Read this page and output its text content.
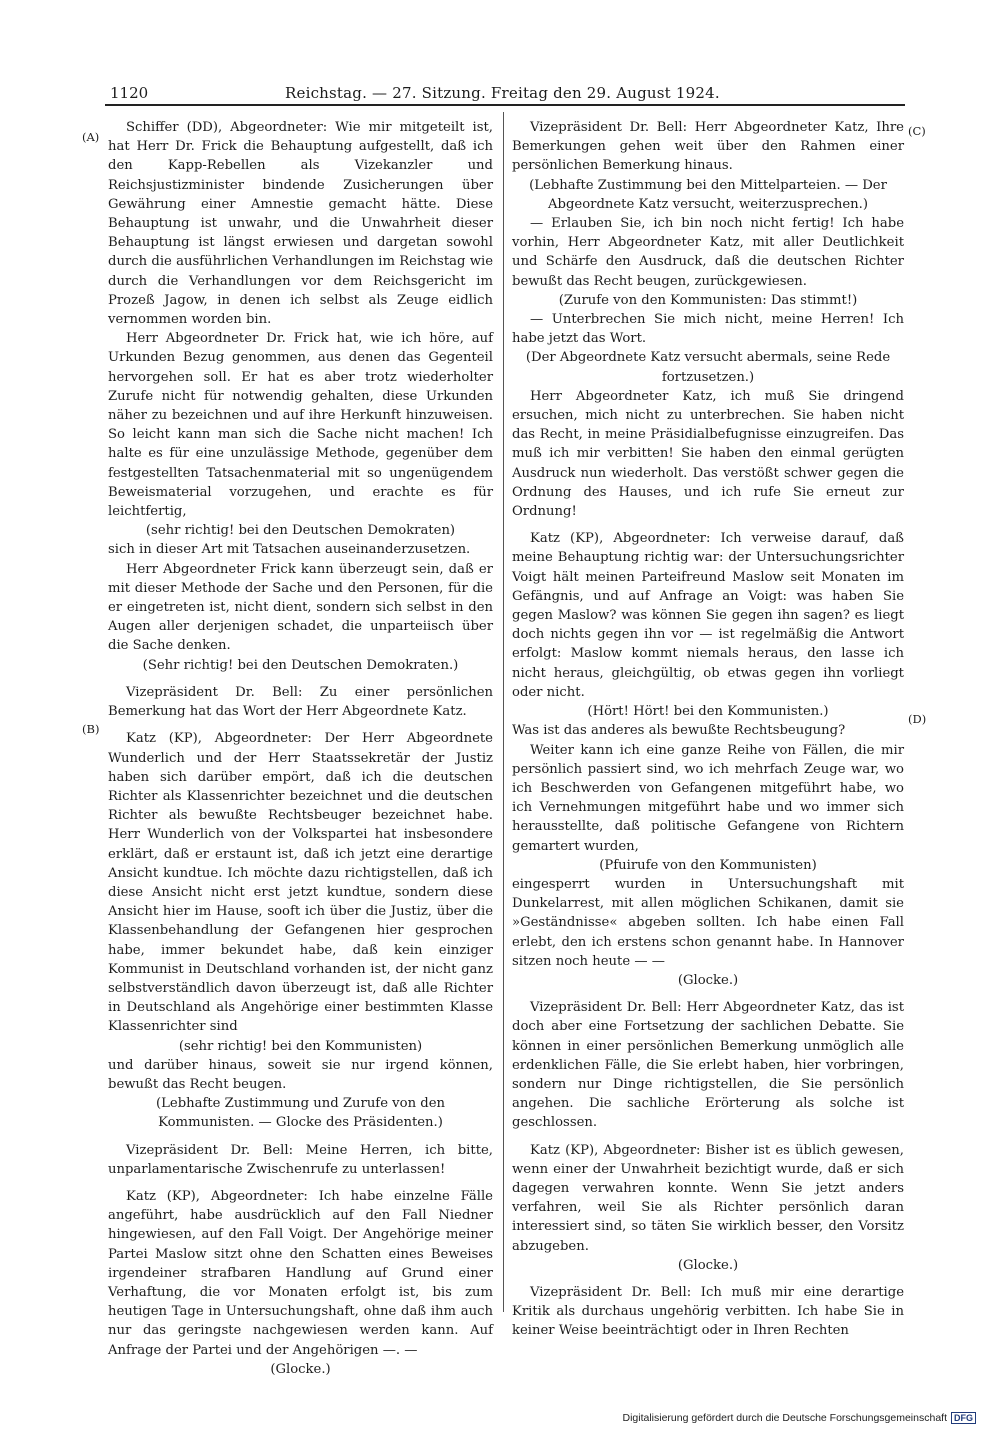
1120	Reichstag. — 27. Sitzung. Freitag den 29. August 1924.
(A)
(B)
(C)
(D)

Schiffer (DD), Abgeordneter: Wie mir mitgeteilt ist, hat Herr Dr. Frick die Behauptung aufgestellt, daß ich den Kapp-Rebellen als Vizekanzler und Reichsjustizminister bindende Zusicherungen über Gewährung einer Amnestie gemacht hätte. Diese Behauptung ist unwahr, und die Unwahrheit dieser Behauptung ist längst erwiesen und dargetan sowohl durch die ausführlichen Verhandlungen im Reichstag wie durch die Verhandlungen vor dem Reichsgericht im Prozeß Jagow, in denen ich selbst als Zeuge eidlich vernommen worden bin.

Herr Abgeordneter Dr. Frick hat, wie ich höre, auf Urkunden Bezug genommen, aus denen das Gegenteil hervorgehen soll. Er hat es aber trotz wiederholter Zurufe nicht für notwendig gehalten, diese Urkunden näher zu bezeichnen und auf ihre Herkunft hinzuweisen. So leicht kann man sich die Sache nicht machen! Ich halte es für eine unzulässige Methode, gegenüber dem festgestellten Tatsachenmaterial mit so ungenügendem Beweismaterial vorzugehen, und erachte es für leichtfertig,

(sehr richtig! bei den Deutschen Demokraten)

sich in dieser Art mit Tatsachen auseinanderzusetzen.

Herr Abgeordneter Frick kann überzeugt sein, daß er mit dieser Methode der Sache und den Personen, für die er eingetreten ist, nicht dient, sondern sich selbst in den Augen aller derjenigen schadet, die unparteiisch über die Sache denken.

(Sehr richtig! bei den Deutschen Demokraten.)

Vizepräsident Dr. Bell: Zu einer persönlichen Bemerkung hat das Wort der Herr Abgeordnete Katz.

Katz (KP), Abgeordneter: Der Herr Abgeordnete Wunderlich und der Herr Staatssekretär der Justiz haben sich darüber empört, daß ich die deutschen Richter als Klassenrichter bezeichnet und die deutschen Richter als bewußte Rechtsbeuger bezeichnet habe. Herr Wunderlich von der Volkspartei hat insbesondere erklärt, daß er erstaunt ist, daß ich jetzt eine derartige Ansicht kundtue. Ich möchte dazu richtigstellen, daß ich diese Ansicht nicht erst jetzt kundtue, sondern diese Ansicht hier im Hause, sooft ich über die Justiz, über die Klassenbehandlung der Gefangenen hier gesprochen habe, immer bekundet habe, daß kein einziger Kommunist in Deutschland vorhanden ist, der nicht ganz selbstverständlich davon überzeugt ist, daß alle Richter in Deutschland als Angehörige einer bestimmten Klasse Klassenrichter sind

(sehr richtig! bei den Kommunisten)

und darüber hinaus, soweit sie nur irgend können, bewußt das Recht beugen.

(Lebhafte Zustimmung und Zurufe von den Kommunisten. — Glocke des Präsidenten.)

Vizepräsident Dr. Bell: Meine Herren, ich bitte, unparlamentarische Zwischenrufe zu unterlassen!

Katz (KP), Abgeordneter: Ich habe einzelne Fälle angeführt, habe ausdrücklich auf den Fall Niedner hingewiesen, auf den Fall Voigt. Der Angehörige meiner Partei Maslow sitzt ohne den Schatten eines Beweises irgendeiner strafbaren Handlung auf Grund einer Verhaftung, die vor Monaten erfolgt ist, bis zum heutigen Tage in Untersuchungshaft, ohne daß ihm auch nur das geringste nachgewiesen werden kann. Auf Anfrage der Partei und der Angehörigen —. —

(Glocke.)

Vizepräsident Dr. Bell: Herr Abgeordneter Katz, Ihre Bemerkungen gehen weit über den Rahmen einer persönlichen Bemerkung hinaus.

(Lebhafte Zustimmung bei den Mittelparteien. — Der Abgeordnete Katz versucht, weiterzusprechen.)

— Erlauben Sie, ich bin noch nicht fertig! Ich habe vorhin, Herr Abgeordneter Katz, mit aller Deutlichkeit und Schärfe den Ausdruck, daß die deutschen Richter bewußt das Recht beugen, zurückgewiesen.

(Zurufe von den Kommunisten: Das stimmt!)

— Unterbrechen Sie mich nicht, meine Herren! Ich habe jetzt das Wort.

(Der Abgeordnete Katz versucht abermals, seine Rede fortzusetzen.)

Herr Abgeordneter Katz, ich muß Sie dringend ersuchen, mich nicht zu unterbrechen. Sie haben nicht das Recht, in meine Präsidialbefugnisse einzugreifen. Das muß ich mir verbitten! Sie haben den einmal gerügten Ausdruck nun wiederholt. Das verstößt schwer gegen die Ordnung des Hauses, und ich rufe Sie erneut zur Ordnung!

Katz (KP), Abgeordneter: Ich verweise darauf, daß meine Behauptung richtig war: der Untersuchungsrichter Voigt hält meinen Parteifreund Maslow seit Monaten im Gefängnis, und auf Anfrage an Voigt: was haben Sie gegen Maslow? was können Sie gegen ihn sagen? es liegt doch nichts gegen ihn vor — ist regelmäßig die Antwort erfolgt: Maslow kommt niemals heraus, den lasse ich nicht heraus, gleichgültig, ob etwas gegen ihn vorliegt oder nicht.

(Hört! Hört! bei den Kommunisten.)

Was ist das anderes als bewußte Rechtsbeugung?

Weiter kann ich eine ganze Reihe von Fällen, die mir persönlich passiert sind, wo ich mehrfach Zeuge war, wo ich Beschwerden von Gefangenen mitgeführt habe, wo ich Vernehmungen mitgeführt habe und wo immer sich herausstellte, daß politische Gefangene von Richtern gemartert wurden,

(Pfuirufe von den Kommunisten)

eingesperrt wurden in Untersuchungshaft mit Dunkelarrest, mit allen möglichen Schikanen, damit sie »Geständnisse« abgeben sollten. Ich habe einen Fall erlebt, den ich erstens schon genannt habe. In Hannover sitzen noch heute — —

(Glocke.)

Vizepräsident Dr. Bell: Herr Abgeordneter Katz, das ist doch aber eine Fortsetzung der sachlichen Debatte. Sie können in einer persönlichen Bemerkung unmöglich alle erdenklichen Fälle, die Sie erlebt haben, hier vorbringen, sondern nur Dinge richtigstellen, die Sie persönlich angehen. Die sachliche Erörterung als solche ist geschlossen.

Katz (KP), Abgeordneter: Bisher ist es üblich gewesen, wenn einer der Unwahrheit bezichtigt wurde, daß er sich dagegen verwahren konnte. Wenn Sie jetzt anders verfahren, weil Sie als Richter persönlich daran interessiert sind, so täten Sie wirklich besser, den Vorsitz abzugeben.

(Glocke.)

Vizepräsident Dr. Bell: Ich muß mir eine derartige Kritik als durchaus ungehörig verbitten. Ich habe Sie in keiner Weise beeinträchtigt oder in Ihren Rechten

Digitalisierung gefördert durch die Deutsche Forschungsgemeinschaft DFG
